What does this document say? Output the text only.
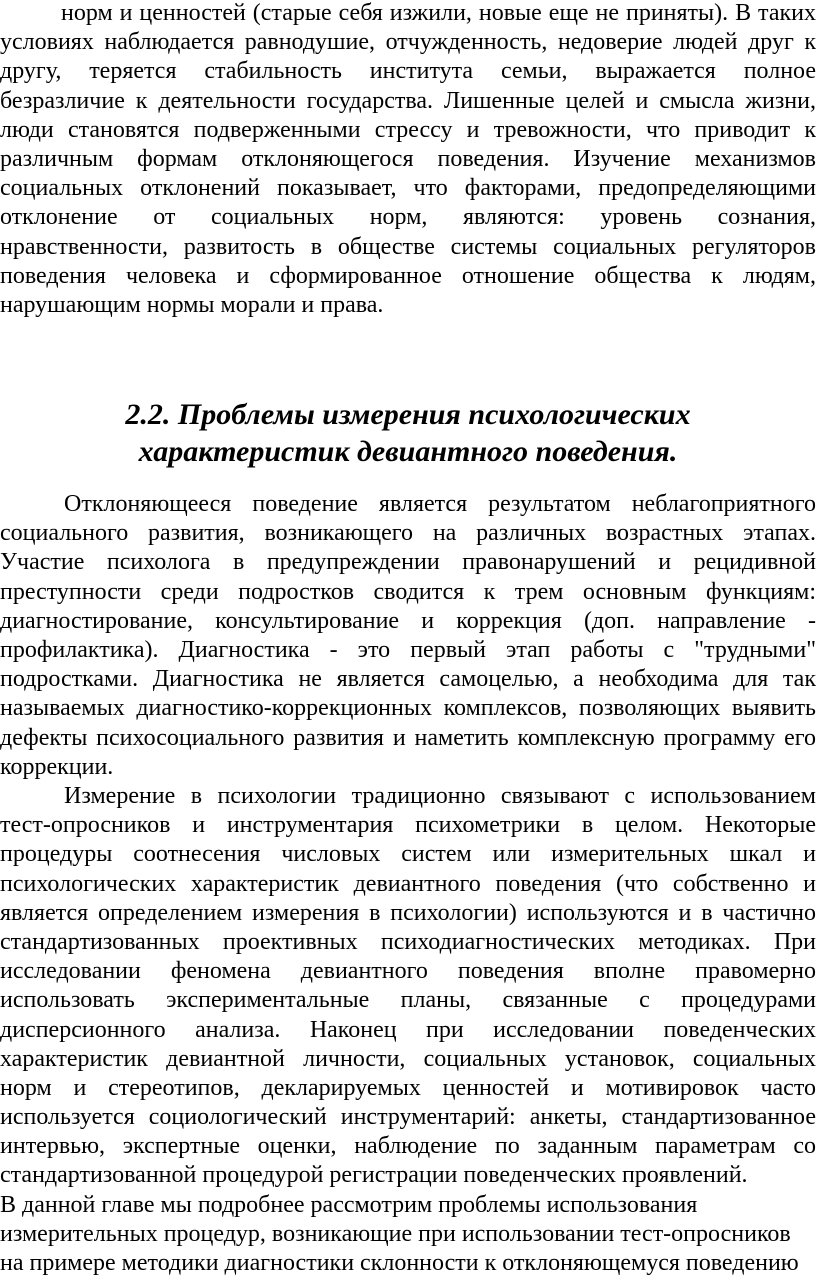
норм и ценностей (старые себя изжили, новые еще не приняты). В таких
условиях наблюдается равнодушие, отчужденность, недоверие людей друг к
другу, теряется стабильность института семьи, выражается полное
безразличие к деятельности государства. Лишенные целей и смысла жизни,
люди становятся подверженными стрессу и тревожности, что приводит к
различным формам отклоняющегося поведения. Изучение механизмов
социальных отклонений показывает, что факторами, предопределяющими
отклонение от социальных норм, являются: уровень сознания,
нравственности, развитость в обществе системы социальных регуляторов
поведения человека и сформированное отношение общества к людям,
нарушающим нормы морали и права.
2.2. Проблемы измерения психологических
характеристик девиантного поведения.
Отклоняющееся поведение является результатом неблагоприятного
социального развития, возникающего на различных возрастных этапах.
Участие психолога в предупреждении правонарушений и рецидивной
преступности среди подростков сводится к трем основным функциям:
диагностирование, консультирование и коррекция (доп. направление -
профилактика). Диагностика - это первый этап работы с "трудными"
подростками. Диагностика не является самоцелью, а необходима для так
называемых диагностико-коррекционных комплексов, позволяющих выявить
дефекты психосоциального развития и наметить комплексную программу его
коррекции.
Измерение в психологии традиционно связывают с использованием
тест-опросников и инструментария психометрики в целом. Некоторые
процедуры соотнесения числовых систем или измерительных шкал и
психологических характеристик девиантного поведения (что собственно и
является определением измерения в психологии) используются и в частично
стандартизованных проективных психодиагностических методиках. При
исследовании феномена девиантного поведения вполне правомерно
использовать экспериментальные планы, связанные с процедурами
дисперсионного анализа. Наконец при исследовании поведенческих
характеристик девиантной личности, социальных установок, социальных
норм и стереотипов, декларируемых ценностей и мотивировок часто
используется социологический инструментарий: анкеты, стандартизованное
интервью, экспертные оценки, наблюдение по заданным параметрам со
стандартизованной процедурой регистрации поведенческих проявлений.
В данной главе мы подробнее рассмотрим проблемы использования
измерительных процедур, возникающие при использовании тест-опросников
на примере методики диагностики склонности к отклоняющемуся поведению
